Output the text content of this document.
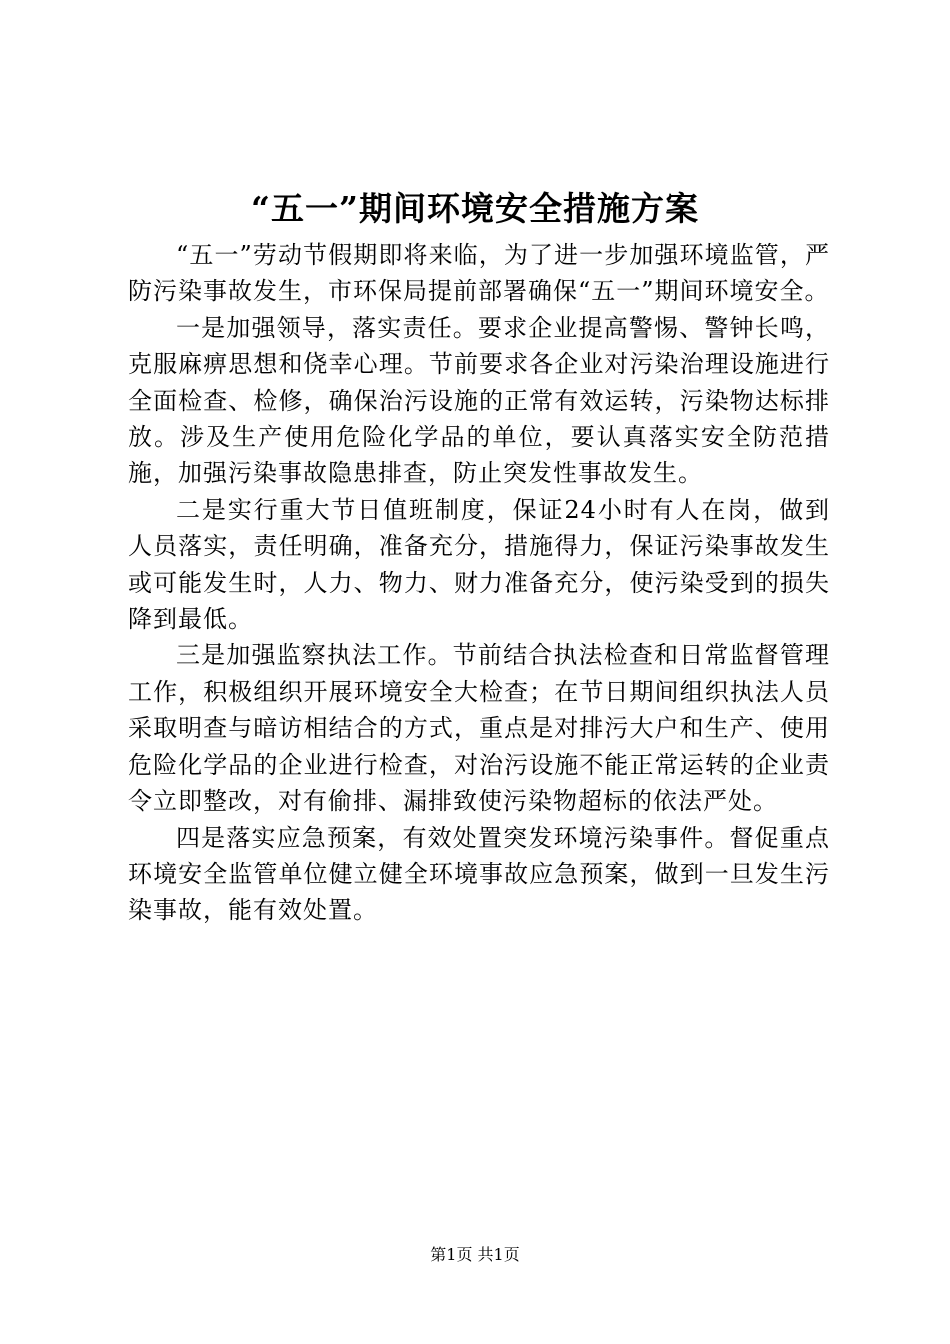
“五一”期间环境安全措施方案

“五一”劳动节假期即将来临，为了进一步加强环境监管，严防污染事故发生，市环保局提前部署确保“五一”期间环境安全。

一是加强领导，落实责任。要求企业提高警惕、警钟长鸣，克服麻痹思想和侥幸心理。节前要求各企业对污染治理设施进行全面检查、检修，确保治污设施的正常有效运转，污染物达标排放。涉及生产使用危险化学品的单位，要认真落实安全防范措施，加强污染事故隐患排查，防止突发性事故发生。

二是实行重大节日值班制度，保证24小时有人在岗，做到人员落实，责任明确，准备充分，措施得力，保证污染事故发生或可能发生时，人力、物力、财力准备充分，使污染受到的损失降到最低。

三是加强监察执法工作。节前结合执法检查和日常监督管理工作，积极组织开展环境安全大检查；在节日期间组织执法人员采取明查与暗访相结合的方式，重点是对排污大户和生产、使用危险化学品的企业进行检查，对治污设施不能正常运转的企业责令立即整改，对有偷排、漏排致使污染物超标的依法严处。

四是落实应急预案，有效处置突发环境污染事件。督促重点环境安全监管单位健立健全环境事故应急预案，做到一旦发生污染事故，能有效处置。

第1页 共1页
